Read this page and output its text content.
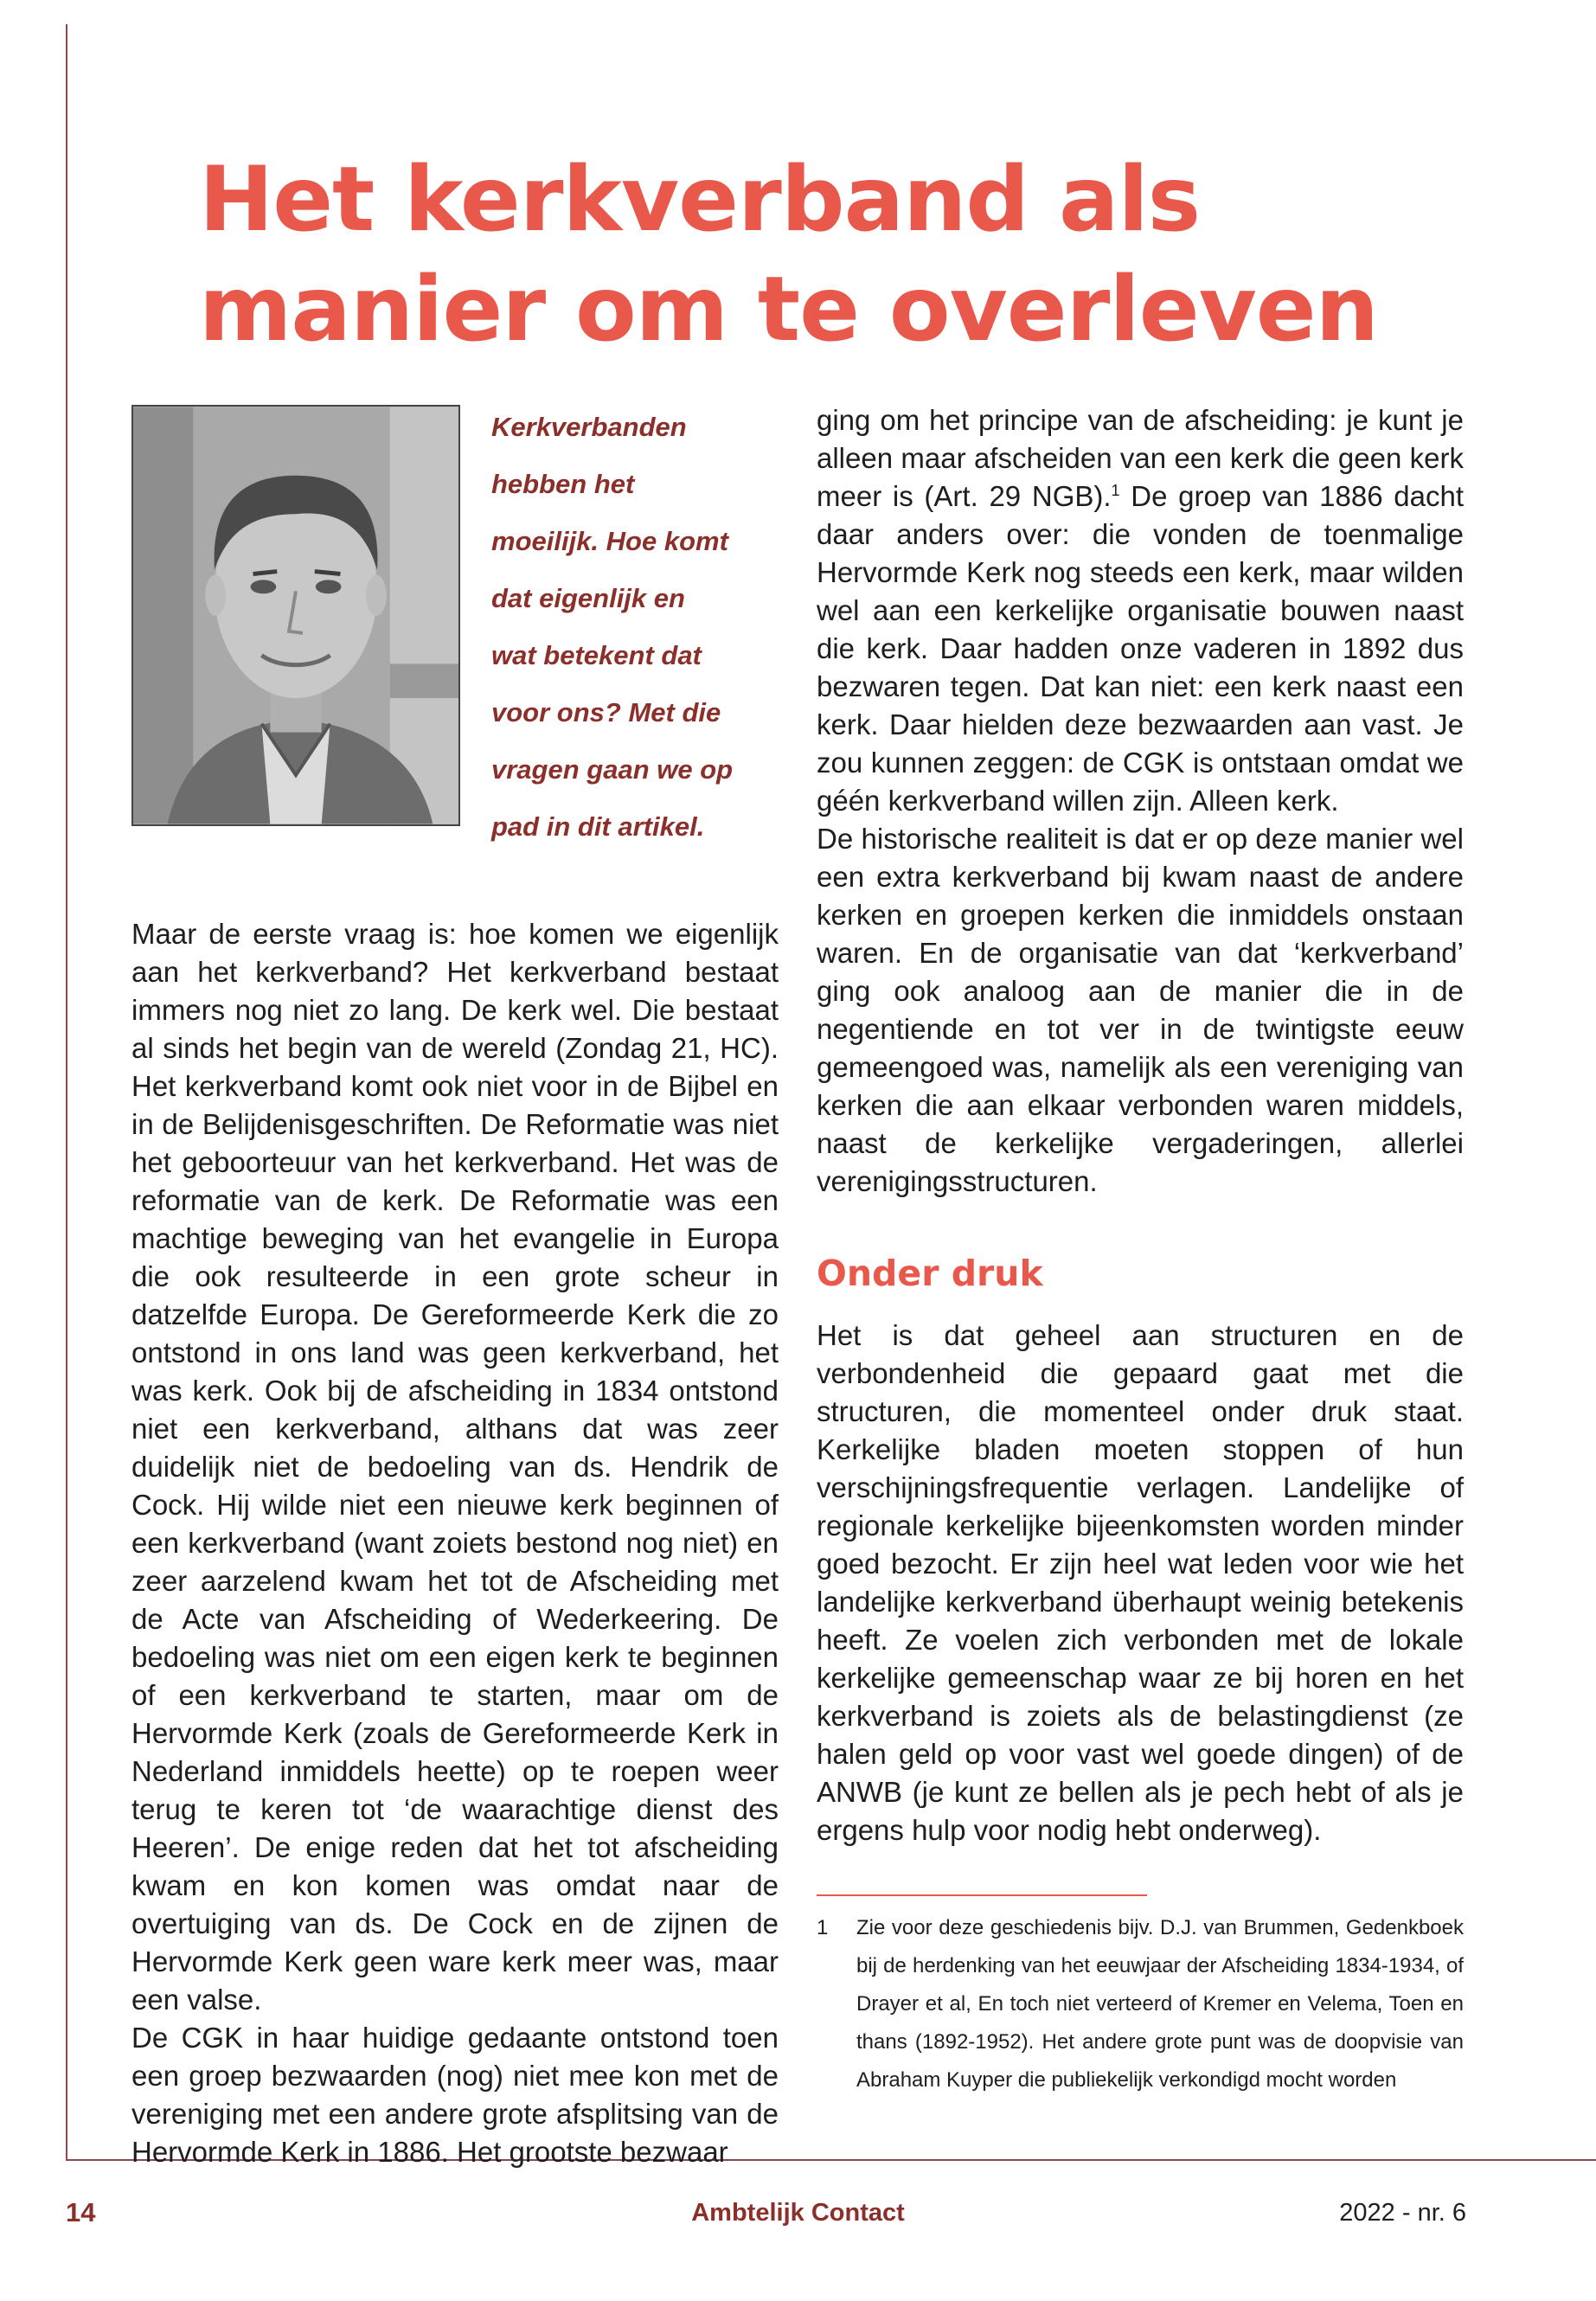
Het kerkverband als
manier om te overleven
Kerkverbanden
hebben het
moeilijk. Hoe komt
dat eigenlijk en
wat betekent dat
voor ons? Met die
vragen gaan we op
pad in dit artikel.

Maar de eerste vraag is: hoe komen we eigenlijk aan het kerkverband? Het kerkverband bestaat immers nog niet zo lang. De kerk wel. Die bestaat al sinds het begin van de wereld (Zondag 21, HC). Het kerkverband komt ook niet voor in de Bijbel en in de Belijdenisgeschriften. De Reformatie was niet het geboorteuur van het kerkverband. Het was de reformatie van de kerk. De Reformatie was een machtige beweging van het evangelie in Europa die ook resulteerde in een grote scheur in datzelfde Europa. De Gereformeerde Kerk die zo ontstond in ons land was geen kerkverband, het was kerk. Ook bij de afscheiding in 1834 ontstond niet een kerkverband, althans dat was zeer duidelijk niet de bedoeling van ds. Hendrik de Cock. Hij wilde niet een nieuwe kerk beginnen of een kerkverband (want zoiets bestond nog niet) en zeer aarzelend kwam het tot de Afscheiding met de Acte van Afscheiding of Wederkeering. De bedoeling was niet om een eigen kerk te beginnen of een kerkverband te starten, maar om de Hervormde Kerk (zoals de Gereformeerde Kerk in Nederland inmiddels heette) op te roepen weer terug te keren tot ‘de waarachtige dienst des Heeren’. De enige reden dat het tot afscheiding kwam en kon komen was omdat naar de overtuiging van ds. De Cock en de zijnen de Hervormde Kerk geen ware kerk meer was, maar een valse.

De CGK in haar huidige gedaante ontstond toen een groep bezwaarden (nog) niet mee kon met de vereniging met een andere grote afsplitsing van de Hervormde Kerk in 1886. Het grootste bezwaar

ging om het principe van de afscheiding: je kunt je alleen maar afscheiden van een kerk die geen kerk meer is (Art. 29 NGB).$^1$ De groep van 1886 dacht daar anders over: die vonden de toenmalige Hervormde Kerk nog steeds een kerk, maar wilden wel aan een kerkelijke organisatie bouwen naast die kerk. Daar hadden onze vaderen in 1892 dus bezwaren tegen. Dat kan niet: een kerk naast een kerk. Daar hielden deze bezwaarden aan vast. Je zou kunnen zeggen: de CGK is ontstaan omdat we géén kerkverband willen zijn. Alleen kerk.

De historische realiteit is dat er op deze manier wel een extra kerkverband bij kwam naast de andere kerken en groepen kerken die inmiddels onstaan waren. En de organisatie van dat ‘kerkverband’ ging ook analoog aan de manier die in de negentiende en tot ver in de twintigste eeuw gemeengoed was, namelijk als een vereniging van kerken die aan elkaar verbonden waren middels, naast de kerkelijke vergaderingen, allerlei verenigingsstructuren.

Onder druk

Het is dat geheel aan structuren en de verbondenheid die gepaard gaat met die structuren, die momenteel onder druk staat. Kerkelijke bladen moeten stoppen of hun verschijningsfrequentie verlagen. Landelijke of regionale kerkelijke bijeenkomsten worden minder goed bezocht. Er zijn heel wat leden voor wie het landelijke kerkverband überhaupt weinig betekenis heeft. Ze voelen zich verbonden met de lokale kerkelijke gemeenschap waar ze bij horen en het kerkverband is zoiets als de belastingdienst (ze halen geld op voor vast wel goede dingen) of de ANWB (je kunt ze bellen als je pech hebt of als je ergens hulp voor nodig hebt onderweg).

1 Zie voor deze geschiedenis bijv. D.J. van Brummen, Gedenkboek bij de herdenking van het eeuwjaar der Afscheiding 1834-1934, of Drayer et al, En toch niet verteerd of Kremer en Velema, Toen en thans (1892-1952). Het andere grote punt was de doopvisie van Abraham Kuyper die publiekelijk verkondigd mocht worden
Ambtelijk Contact
14	2022 - nr. 6
